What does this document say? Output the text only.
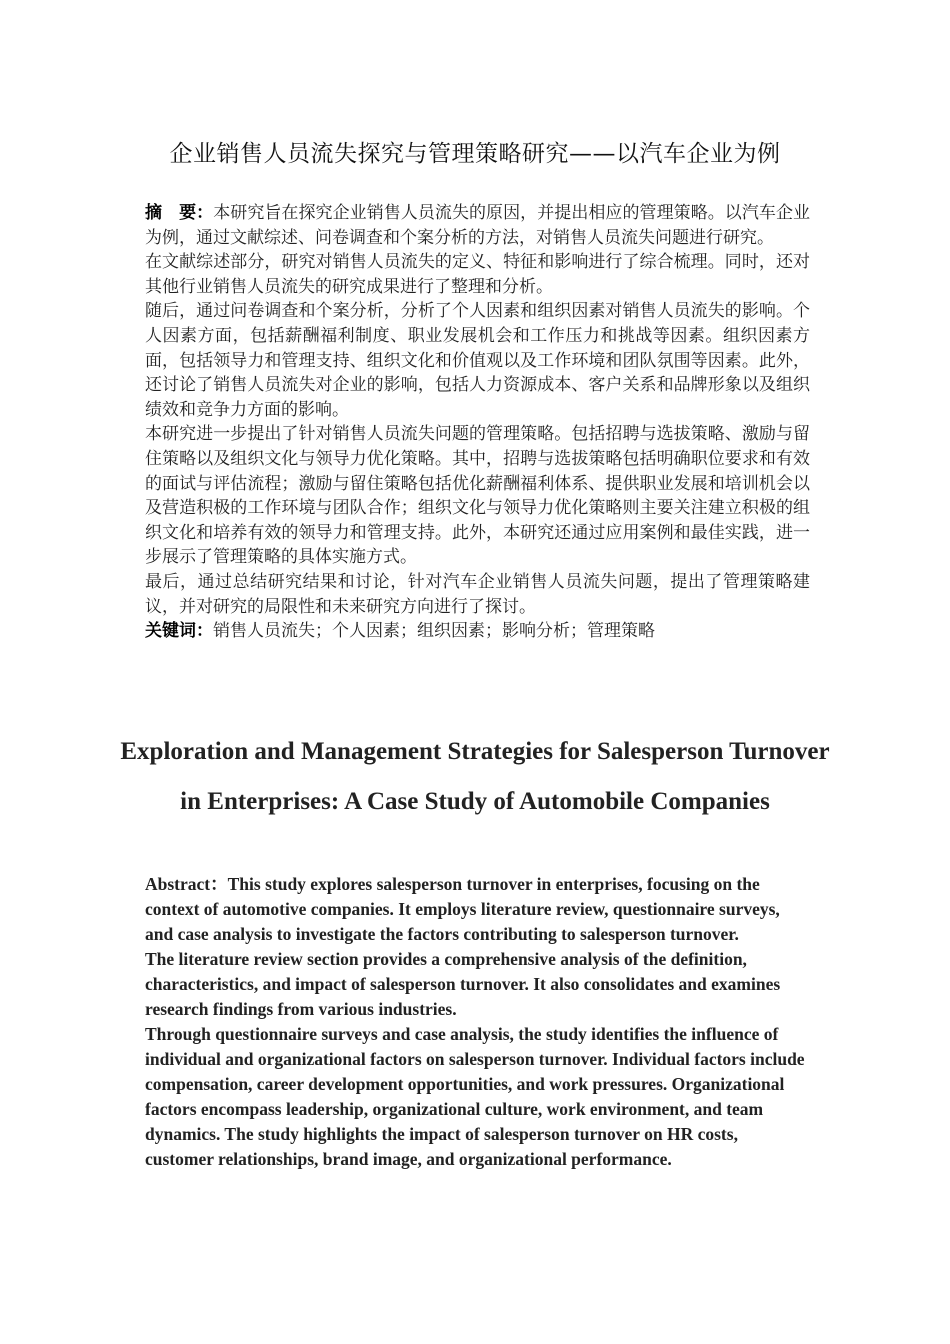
企业销售人员流失探究与管理策略研究——以汽车企业为例

摘　要：本研究旨在探究企业销售人员流失的原因，并提出相应的管理策略。以汽车企业为例，通过文献综述、问卷调查和个案分析的方法，对销售人员流失问题进行研究。

在文献综述部分，研究对销售人员流失的定义、特征和影响进行了综合梳理。同时，还对其他行业销售人员流失的研究成果进行了整理和分析。

随后，通过问卷调查和个案分析，分析了个人因素和组织因素对销售人员流失的影响。个人因素方面，包括薪酬福利制度、职业发展机会和工作压力和挑战等因素。组织因素方面，包括领导力和管理支持、组织文化和价值观以及工作环境和团队氛围等因素。此外，还讨论了销售人员流失对企业的影响，包括人力资源成本、客户关系和品牌形象以及组织绩效和竞争力方面的影响。

本研究进一步提出了针对销售人员流失问题的管理策略。包括招聘与选拔策略、激励与留住策略以及组织文化与领导力优化策略。其中，招聘与选拔策略包括明确职位要求和有效的面试与评估流程；激励与留住策略包括优化薪酬福利体系、提供职业发展和培训机会以及营造积极的工作环境与团队合作；组织文化与领导力优化策略则主要关注建立积极的组织文化和培养有效的领导力和管理支持。此外，本研究还通过应用案例和最佳实践，进一步展示了管理策略的具体实施方式。

最后，通过总结研究结果和讨论，针对汽车企业销售人员流失问题，提出了管理策略建议，并对研究的局限性和未来研究方向进行了探讨。

关键词：销售人员流失；个人因素；组织因素；影响分析；管理策略

Exploration and Management Strategies for Salesperson Turnover in Enterprises: A Case Study of Automobile Companies

Abstract：This study explores salesperson turnover in enterprises, focusing on the context of automotive companies. It employs literature review, questionnaire surveys, and case analysis to investigate the factors contributing to salesperson turnover.

The literature review section provides a comprehensive analysis of the definition, characteristics, and impact of salesperson turnover. It also consolidates and examines research findings from various industries.

Through questionnaire surveys and case analysis, the study identifies the influence of individual and organizational factors on salesperson turnover. Individual factors include compensation, career development opportunities, and work pressures. Organizational factors encompass leadership, organizational culture, work environment, and team dynamics. The study highlights the impact of salesperson turnover on HR costs, customer relationships, brand image, and organizational performance.
